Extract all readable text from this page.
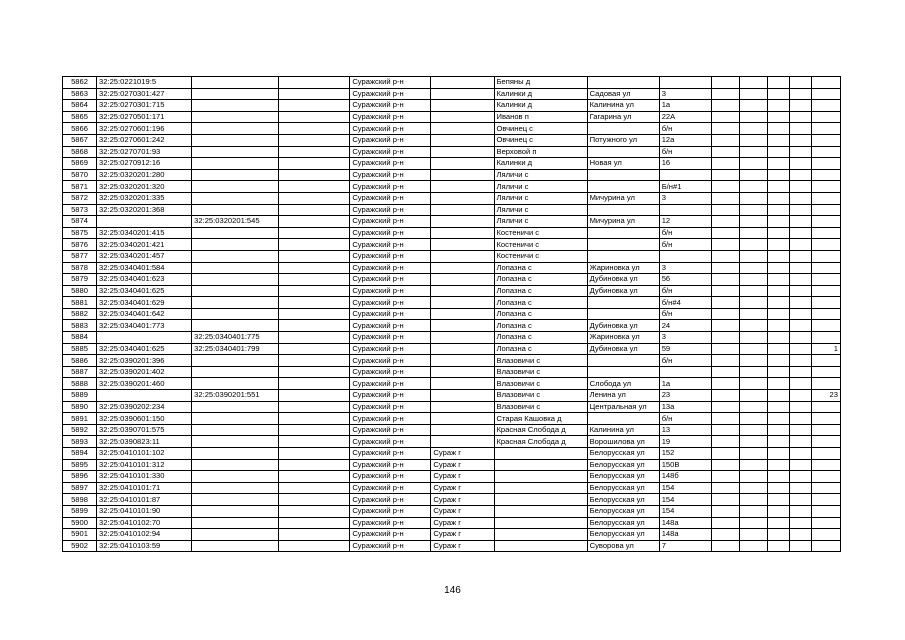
5862	32:25:0221019:5			Суражский р-н		Бепяны д							
5863	32:25:0270301:427			Суражский р-н		Калинки д	Садовая ул	3					
5864	32:25:0270301:715			Суражский р-н		Калинки д	Калинина ул	1а					
5865	32:25:0270501:171			Суражский р-н		Иванов п	Гагарина ул	22А					
5866	32:25:0270601:196			Суражский р-н		Овчинец с		б/н					
5867	32:25:0270601:242			Суражский р-н		Овчинец с	Потужного ул	12а					
5868	32:25:0270701:93			Суражский р-н		Верховой п		б/н					
5869	32:25:0270912:16			Суражский р-н		Калинки д	Новая ул	16					
5870	32:25:0320201:280			Суражский р-н		Ляличи с							
5871	32:25:0320201:320			Суражский р-н		Ляличи с		Б/н#1					
5872	32:25:0320201:335			Суражский р-н		Ляличи с	Мичурина ул	3					
5873	32:25:0320201:368			Суражский р-н		Ляличи с							
5874		32:25:0320201:545		Суражский р-н		Ляличи с	Мичурина ул	12					
5875	32:25:0340201:415			Суражский р-н		Костеничи с		б/н					
5876	32:25:0340201:421			Суражский р-н		Костеничи с		б/н					
5877	32:25:0340201:457			Суражский р-н		Костеничи с							
5878	32:25:0340401:584			Суражский р-н		Лопазна с	Жариновка ул	3					
5879	32:25:0340401:623			Суражский р-н		Лопазна с	Дубиновка ул	56					
5880	32:25:0340401:625			Суражский р-н		Лопазна с	Дубиновка ул	б/н					
5881	32:25:0340401:629			Суражский р-н		Лопазна с		б/н#4					
5882	32:25:0340401:642			Суражский р-н		Лопазна с		б/н					
5883	32:25:0340401:773			Суражский р-н		Лопазна с	Дубиновка ул	24					
5884		32:25:0340401:775		Суражский р-н		Лопазна с	Жариновка ул	3					
5885	32:25:0340401:625	32:25:0340401:799		Суражский р-н		Лопазна с	Дубиновка ул	59					1
5886	32:25:0390201:396			Суражский р-н		Влазовичи с		б/н					
5887	32:25:0390201:402			Суражский р-н		Влазовичи с							
5888	32:25:0390201:460			Суражский р-н		Влазовичи с	Слобода ул	1а					
5889		32:25:0390201:551		Суражский р-н		Влазовичи с	Ленина ул	23					23
5890	32:25:0390202:234			Суражский р-н		Влазовичи с	Центральная ул	13а					
5891	32:25:0390601:150			Суражский р-н		Старая Кашовка д		б/н					
5892	32:25:0390701:575			Суражский р-н		Красная Слобода д	Калинина ул	13					
5893	32:25:0390823:11			Суражский р-н		Красная Слобода д	Ворошилова ул	19					
5894	32:25:0410101:102			Суражский р-н	Сураж г		Белорусская ул	152					
5895	32:25:0410101:312			Суражский р-н	Сураж г		Белорусская ул	150В					
5896	32:25:0410101:330			Суражский р-н	Сураж г		Белорусская ул	148б					
5897	32:25:0410101:71			Суражский р-н	Сураж г		Белорусская ул	154					
5898	32:25:0410101:87			Суражский р-н	Сураж г		Белорусская ул	154					
5899	32:25:0410101:90			Суражский р-н	Сураж г		Белорусская ул	154					
5900	32:25:0410102:70			Суражский р-н	Сураж г		Белорусская ул	148а					
5901	32:25:0410102:94			Суражский р-н	Сураж г		Белорусская ул	148а					
5902	32:25:0410103:59			Суражский р-н	Сураж г		Суворова ул	7					
146
